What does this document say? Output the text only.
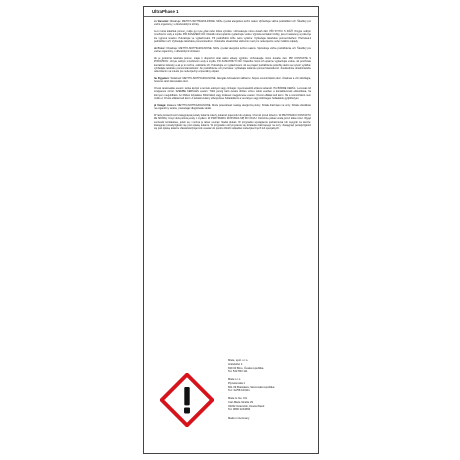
UltraPhase 1

cs Varování: Obsahuje: METHYLISOTHIAZOLINONE. Může vyvolat alergickou kožní reakci. Způsobuje vážné podráždění očí. Škodlivý pro vodní organismy, s dlouhodobými účinky.
Je-li nutná lékařská pomoc, mějte po ruce obal nebo štítek výrobku. Uchovávejte mimo dosah dětí. PŘI STYKU S KŮŽÍ: Omyjte velkým množstvím vody a mýdla. PŘI ZASAŽENÍ OČÍ: Několik minut opatrně vyplachujte vodou. Vyjměte kontaktní čočky, jsou-li nasazeny a pokud je lze vyjmout snadno. Pokračujte ve vyplachování. Při podráždění kůže nebo vyrážce: Vyhledejte lékařskou pomoc/ošetření. Přetrvává-li podráždění očí: Vyhledejte lékařskou pomoc/ošetření. Odstraňte obsah/obal uložením mezi pro nebezpečné nebo zvláštní odpady.

sk Pozor: Obsahuje: METHYLISOTHIAZOLINONE. Môže vyvolať alergickú kožnú reakciu. Spôsobuje vážne podráždenie očí. Škodlivý pre vodné organizmy, s dlhodobými účinkami.
Ak je potrebná lekárska pomoc, majte k dispozícii obal alebo etiketu výrobku. Uchovávajte mimo dosahu detí. PRI KONTAKTE S POKOŽKOU: Umyte veľkým množstvom vody a mydla. PO ZASIAHNUTÍ OČÍ: Niekoľko minút ich opatrne vyplachujte vodou. Ak používate kontaktné šošovky a ak je to možné, odstráňte ich. Pokračujte vo vyplachovaní. Ak sa prejaví podráždenie pokožky alebo sa vytvorí vyrážka: vyhľadajte lekársku pomoc/starostlivosť. Ak podráždenie očí pretrváva: vyhľadajte lekársku pomoc/starostlivosť. Zneškodnite obsah/nádobu odovzdaním na miesto pre nebezpečný a špeciálny odpad.

hu Figyelem: Tartalmaz: METHYLISOTHIAZOLINONE. Allergiás bőrreakciót válthat ki. Súlyos szemirritációt okoz. Ártalmas a vízi élővilágra, hosszan tartó károsodást okoz.
Orvosi tanácsadás esetén: tartsa kéznél a termék edényét vagy címkéjét. Gyermekektől elzárva tartandó. HA BŐRRE KERÜL: Lemosás bő szappanos vízzel. SZEMBE KERÜLÉS esetén: Több percig tartó óvatos öblítés vízzel. Adott esetben a kontaktlencsék eltávolítása, ha könnyen megoldható. Az öblítés folytatása. Bőrirritáció vagy kiütések megjelenése esetén: Orvosi ellátást kell kérni. Ha a szemirritáció nem múlik el: Orvosi ellátást kell kérni. A tartalom/edény elhelyezése hulladékként a veszélyes vagy különleges hulladékok gyűjtőhelyén.

pl Uwaga: Zawiera: METHYLISOTHIAZOLINONE. Może powodować reakcję alergiczną skóry. Działa drażniąco na oczy. Działa szkodliwie na organizmy wodne, powodując długotrwałe skutki.
W razie konieczności zasięgnięcia porady lekarza należy pokazać pojemnik lub etykietę. Chronić przed dziećmi. W PRZYPADKU KONTAKTU ZE SKÓRĄ: Umyć dużą ilością wody z mydłem. W PRZYPADKU DOSTANIA SIĘ DO OCZU: Ostrożnie płukać wodą przez kilka minut. Wyjąć soczewki kontaktowe, jeżeli są i można je łatwo usunąć. Nadal płukać. W przypadku wystąpienia podrażnienia lub wysypki na skórze: Zasięgnąć porady/zgłosić się pod opiekę lekarza. W przypadku utrzymywania się działania drażniącego na oczy: Zasięgnąć porady/zgłosić się pod opiekę lekarza. Zawartość/pojemnik usuwać do punktu zbiórki odpadów niebezpiecznych lub specjalnych.

Miele, spol. s r.o.
Hněvkého 4
639 00 Brno, Česká republika
Tel. 543 553 111
Miele s.r.o.
Plynárenská 1
821 09 Bratislava, Slovenská republika
Tel.: 02/58 103111
Miele & Cie. KG
Carl-Miele-Straße 29
33332 Gütersloh, Deutschland
Tel. 0800 2244666
Made in Germany
